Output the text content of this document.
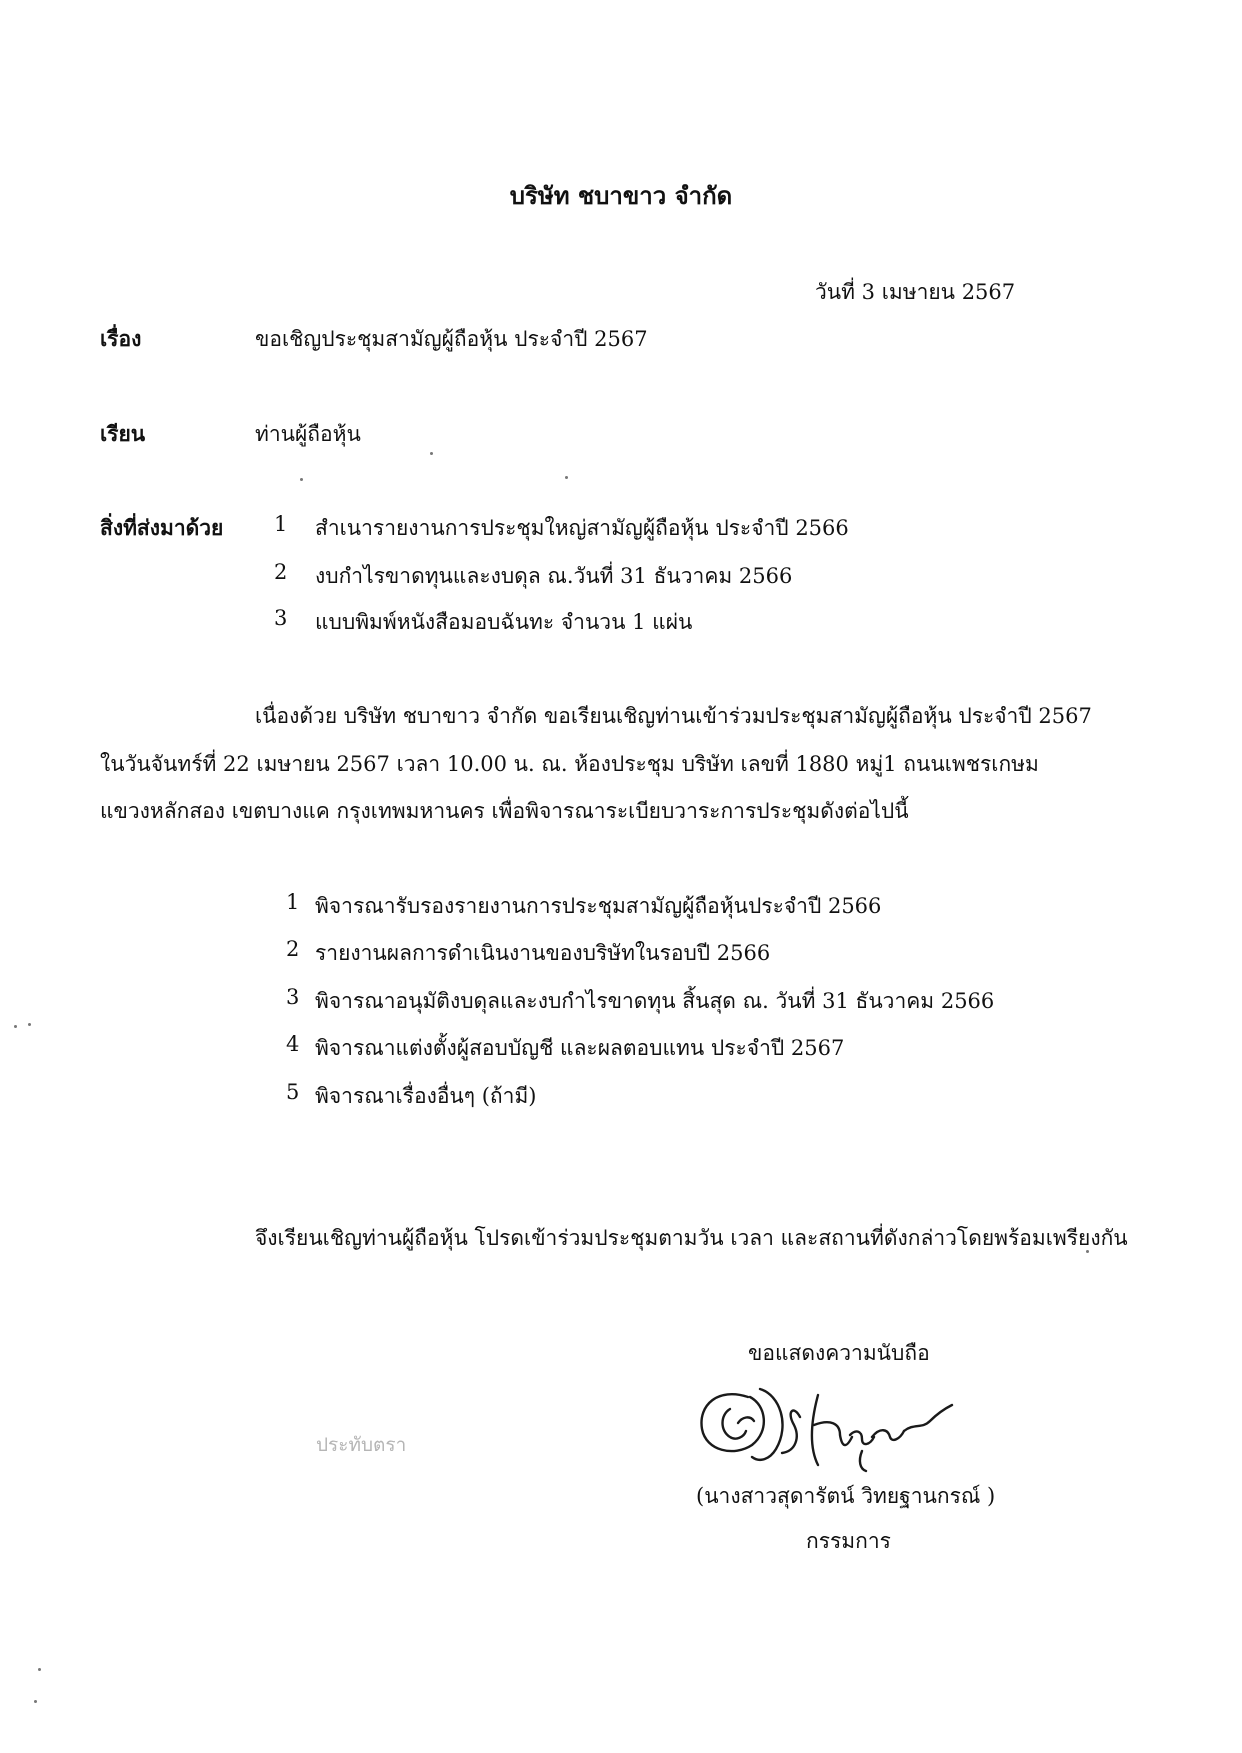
บริษัท ชบาขาว จำกัด
วันที่ 3 เมษายน 2567
เรื่อง	ขอเชิญประชุมสามัญผู้ถือหุ้น ประจำปี 2567
เรียน	ท่านผู้ถือหุ้น
สิ่งที่ส่งมาด้วย 1 สำเนารายงานการประชุมใหญ่สามัญผู้ถือหุ้น ประจำปี 2566
2 งบกำไรขาดทุนและงบดุล ณ.วันที่ 31 ธันวาคม 2566
3 แบบพิมพ์หนังสือมอบฉันทะ จำนวน 1 แผ่น
เนื่องด้วย บริษัท ชบาขาว จำกัด ขอเรียนเชิญท่านเข้าร่วมประชุมสามัญผู้ถือหุ้น ประจำปี 2567
ในวันจันทร์ที่ 22 เมษายน 2567 เวลา 10.00 น. ณ. ห้องประชุม บริษัท เลขที่ 1880 หมู่1 ถนนเพชรเกษม
แขวงหลักสอง เขตบางแค กรุงเทพมหานคร เพื่อพิจารณาระเบียบวาระการประชุมดังต่อไปนี้
1 พิจารณารับรองรายงานการประชุมสามัญผู้ถือหุ้นประจำปี 2566
2 รายงานผลการดำเนินงานของบริษัทในรอบปี 2566
3 พิจารณาอนุมัติงบดุลและงบกำไรขาดทุน สิ้นสุด ณ. วันที่ 31 ธันวาคม 2566
4 พิจารณาแต่งตั้งผู้สอบบัญชี และผลตอบแทน ประจำปี 2567
5 พิจารณาเรื่องอื่นๆ (ถ้ามี)
จึงเรียนเชิญท่านผู้ถือหุ้น โปรดเข้าร่วมประชุมตามวัน เวลา และสถานที่ดังกล่าวโดยพร้อมเพรียงกัน
ขอแสดงความนับถือ
ประทับตรา
(นางสาวสุดารัตน์ วิทยฐานกรณ์ )
กรรมการ
